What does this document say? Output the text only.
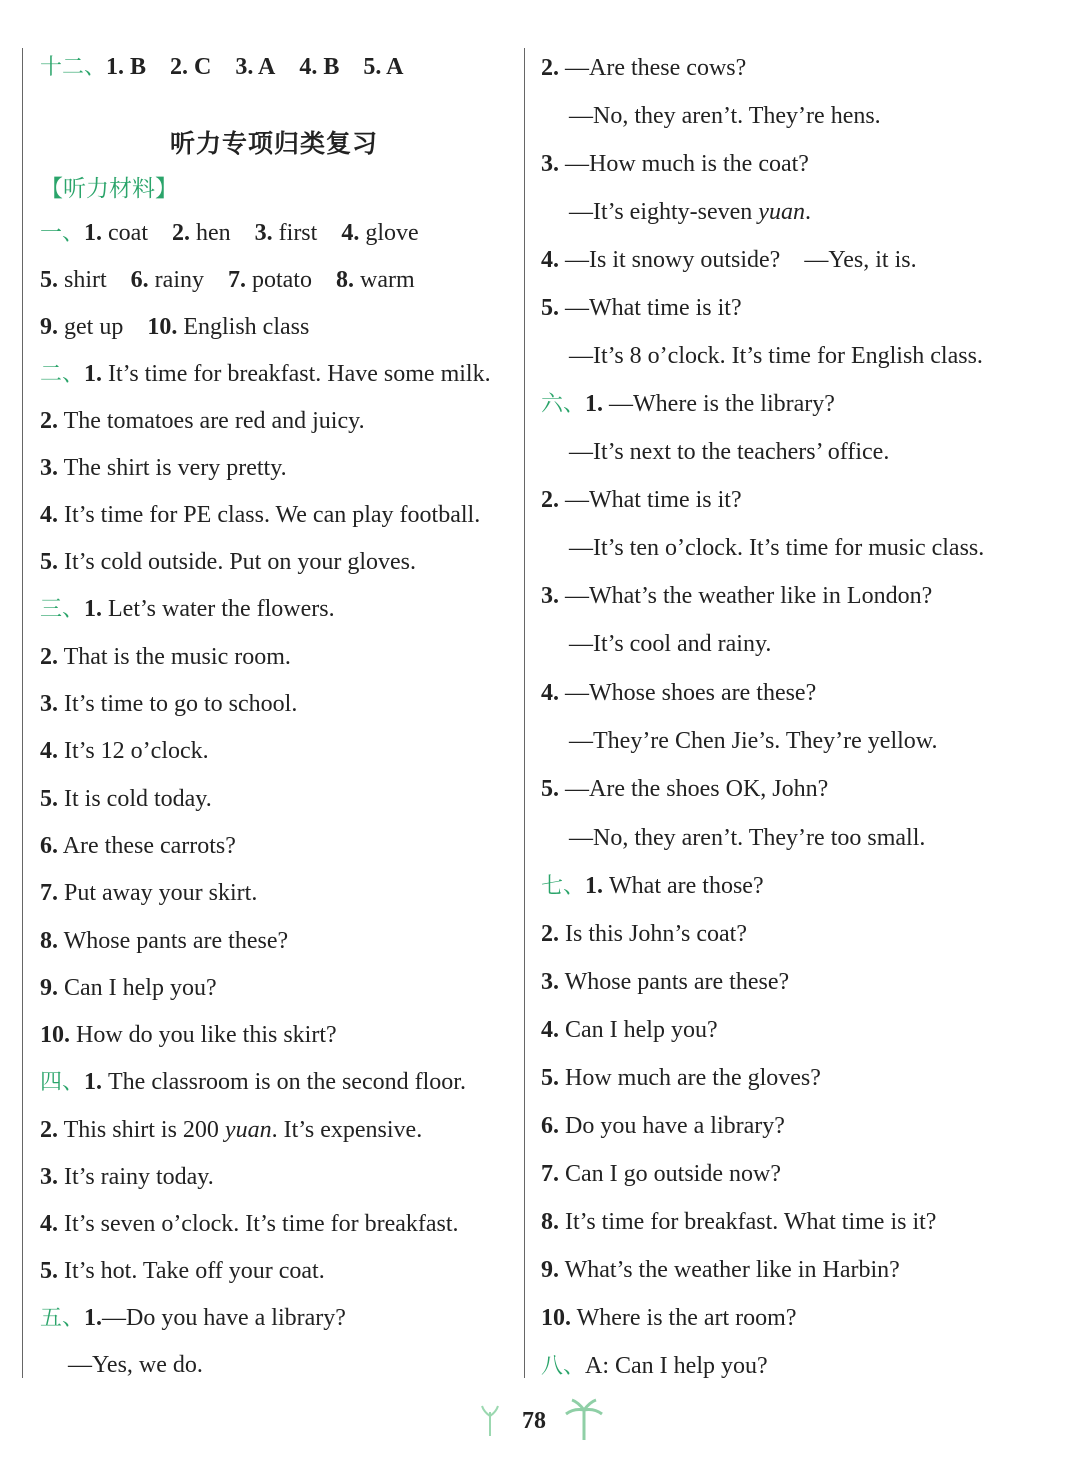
十二、1. B 2. C 3. A 4. B 5. A
听力专项归类复习
【听力材料】
一、1. coat 2. hen 3. first 4. glove
5. shirt 6. rainy 7. potato 8. warm
9. get up 10. English class
二、1. It’s time for breakfast. Have some milk.
2. The tomatoes are red and juicy.
3. The shirt is very pretty.
4. It’s time for PE class. We can play football.
5. It’s cold outside. Put on your gloves.
三、1. Let’s water the flowers.
2. That is the music room.
3. It’s time to go to school.
4. It’s 12 o’clock.
5. It is cold today.
6. Are these carrots?
7. Put away your skirt.
8. Whose pants are these?
9. Can I help you?
10. How do you like this skirt?
四、1. The classroom is on the second floor.
2. This shirt is 200 yuan. It’s expensive.
3. It’s rainy today.
4. It’s seven o’clock. It’s time for breakfast.
5. It’s hot. Take off your coat.
五、1.—Do you have a library?
—Yes, we do.
2. —Are these cows?
—No, they aren’t. They’re hens.
3. —How much is the coat?
—It’s eighty-seven yuan.
4. —Is it snowy outside? —Yes, it is.
5. —What time is it?
—It’s 8 o’clock. It’s time for English class.
六、1. —Where is the library?
—It’s next to the teachers’ office.
2. —What time is it?
—It’s ten o’clock. It’s time for music class.
3. —What’s the weather like in London?
—It’s cool and rainy.
4. —Whose shoes are these?
—They’re Chen Jie’s. They’re yellow.
5. —Are the shoes OK, John?
—No, they aren’t. They’re too small.
七、1. What are those?
2. Is this John’s coat?
3. Whose pants are these?
4. Can I help you?
5. How much are the gloves?
6. Do you have a library?
7. Can I go outside now?
8. It’s time for breakfast. What time is it?
9. What’s the weather like in Harbin?
10. Where is the art room?
八、A: Can I help you?
78
